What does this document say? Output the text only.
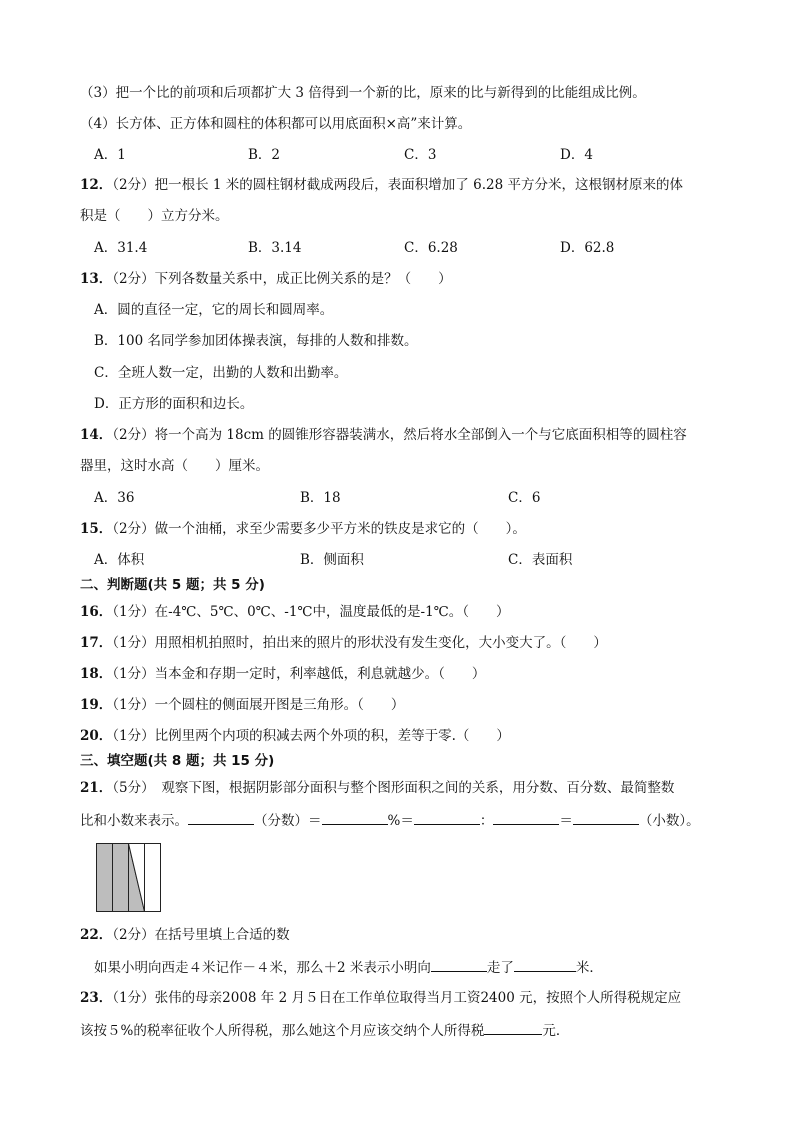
（3）把一个比的前项和后项都扩大 3 倍得到一个新的比，原来的比与新得到的比能组成比例。
（4）长方体、正方体和圆柱的体积都可以用底面积×高”来计算。
A．1	B．2	C．3	D．4
12．（2分）把一根长 1 米的圆柱钢材截成两段后，表面积增加了 6.28 平方分米，这根钢材原来的体
积是（　　）立方分米。
A．31.4	B．3.14	C．6.28	D．62.8
13．（2分）下列各数量关系中，成正比例关系的是？（　　）
A．圆的直径一定，它的周长和圆周率。
B．100 名同学参加团体操表演，每排的人数和排数。
C．全班人数一定，出勤的人数和出勤率。
D．正方形的面积和边长。
14．（2分）将一个高为 18cm 的圆锥形容器装满水，然后将水全部倒入一个与它底面积相等的圆柱容
器里，这时水高（　　）厘米。
A．36	B．18	C．6
15．（2分）做一个油桶，求至少需要多少平方米的铁皮是求它的（　　）。
A．体积	B．侧面积	C．表面积
二、判断题(共 5 题；共 5 分)
16．（1分）在-4℃、5℃、0℃、-1℃中，温度最低的是-1℃。（　　）
17．（1分）用照相机拍照时，拍出来的照片的形状没有发生变化，大小变大了。（　　）
18．（1分）当本金和存期一定时，利率越低，利息就越少。（　　）
19．（1分）一个圆柱的侧面展开图是三角形。（　　）
20．（1分）比例里两个内项的积减去两个外项的积，差等于零.（　　）
三、填空题(共 8 题；共 15 分)
21．（5分）　观察下图，根据阴影部分面积与整个图形面积之间的关系，用分数、百分数、最简整数
比和小数来表示。	（分数）＝	%＝	：	＝	（小数）。
22．（2分）在括号里填上合适的数
如果小明向西走４米记作－４米，那么＋2 米表示小明向	走了	米．
23．（1分）张伟的母亲2008 年 2 月５日在工作单位取得当月工资2400 元，按照个人所得税规定应
该按５%的税率征收个人所得税，那么她这个月应该交纳个人所得税	元．
